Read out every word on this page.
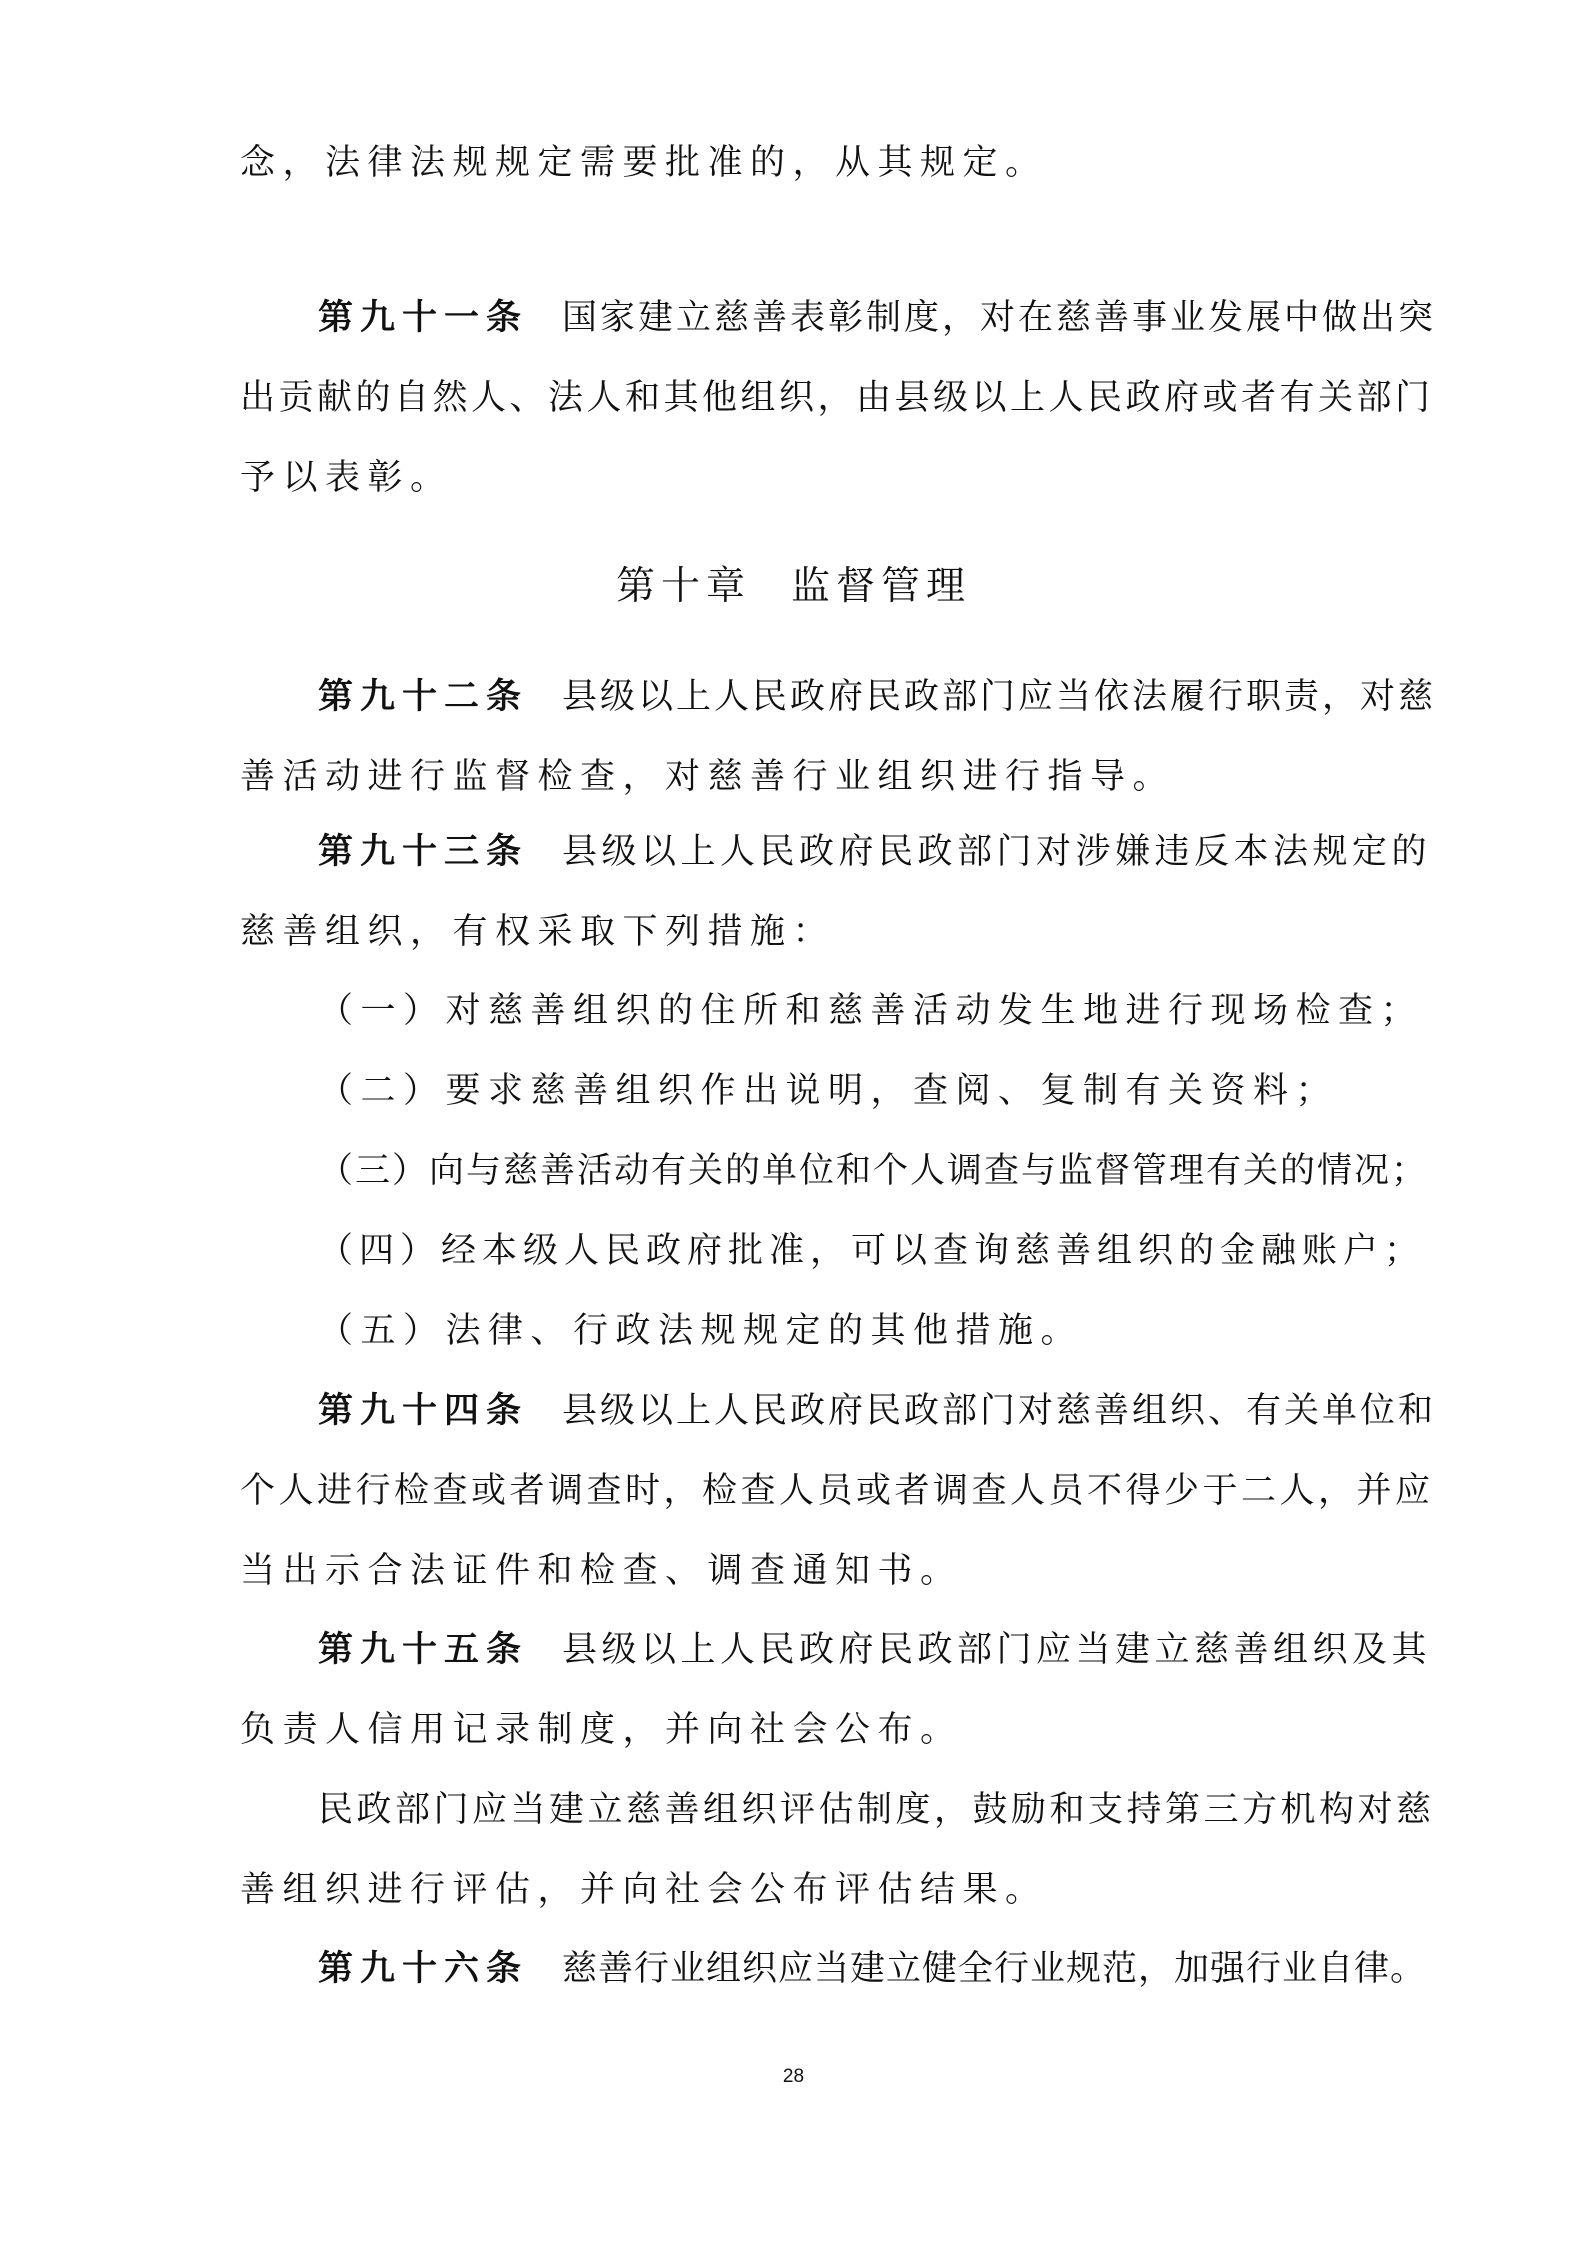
念，法律法规规定需要批准的，从其规定。
第九十一条 国家建立慈善表彰制度，对在慈善事业发展中做出突
出贡献的自然人、法人和其他组织，由县级以上人民政府或者有关部门
予以表彰。
第十章 监督管理
第九十二条 县级以上人民政府民政部门应当依法履行职责，对慈
善活动进行监督检查，对慈善行业组织进行指导。
第九十三条 县级以上人民政府民政部门对涉嫌违反本法规定的
慈善组织，有权采取下列措施：
（一）对慈善组织的住所和慈善活动发生地进行现场检查；
（二）要求慈善组织作出说明，查阅、复制有关资料；
（三）向与慈善活动有关的单位和个人调查与监督管理有关的情况；
（四）经本级人民政府批准，可以查询慈善组织的金融账户；
（五）法律、行政法规规定的其他措施。
第九十四条 县级以上人民政府民政部门对慈善组织、有关单位和
个人进行检查或者调查时，检查人员或者调查人员不得少于二人，并应
当出示合法证件和检查、调查通知书。
第九十五条 县级以上人民政府民政部门应当建立慈善组织及其
负责人信用记录制度，并向社会公布。
民政部门应当建立慈善组织评估制度，鼓励和支持第三方机构对慈
善组织进行评估，并向社会公布评估结果。
第九十六条 慈善行业组织应当建立健全行业规范，加强行业自律。
28
